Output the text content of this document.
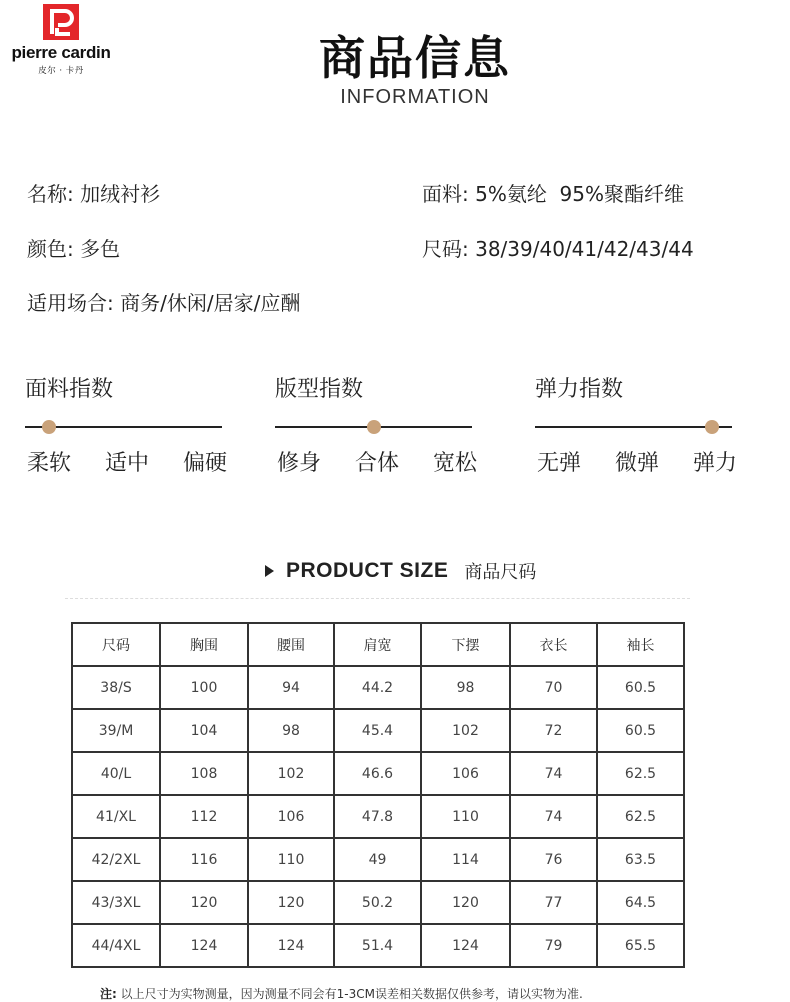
pierre cardin
皮尔 · 卡丹	商品信息
INFORMATION
名称: 加绒衬衫	面料: 5%氨纶  95%聚酯纤维
颜色: 多色	尺码: 38/39/40/41/42/43/44
适用场合: 商务/休闲/居家/应酬
面料指数
柔软 适中 偏硬
版型指数
修身 合体 宽松
弹力指数
无弹 微弹 弹力
PRODUCT SIZE 商品尺码
尺码	胸围	腰围	肩宽	下摆	衣长	袖长
38/S	100	94	44.2	98	70	60.5
39/M	104	98	45.4	102	72	60.5
40/L	108	102	46.6	106	74	62.5
41/XL	112	106	47.8	110	74	62.5
42/2XL	116	110	49	114	76	63.5
43/3XL	120	120	50.2	120	77	64.5
44/4XL	124	124	51.4	124	79	65.5
注: 以上尺寸为实物测量，因为测量不同会有1-3CM误差相关数据仅供参考，请以实物为准.
